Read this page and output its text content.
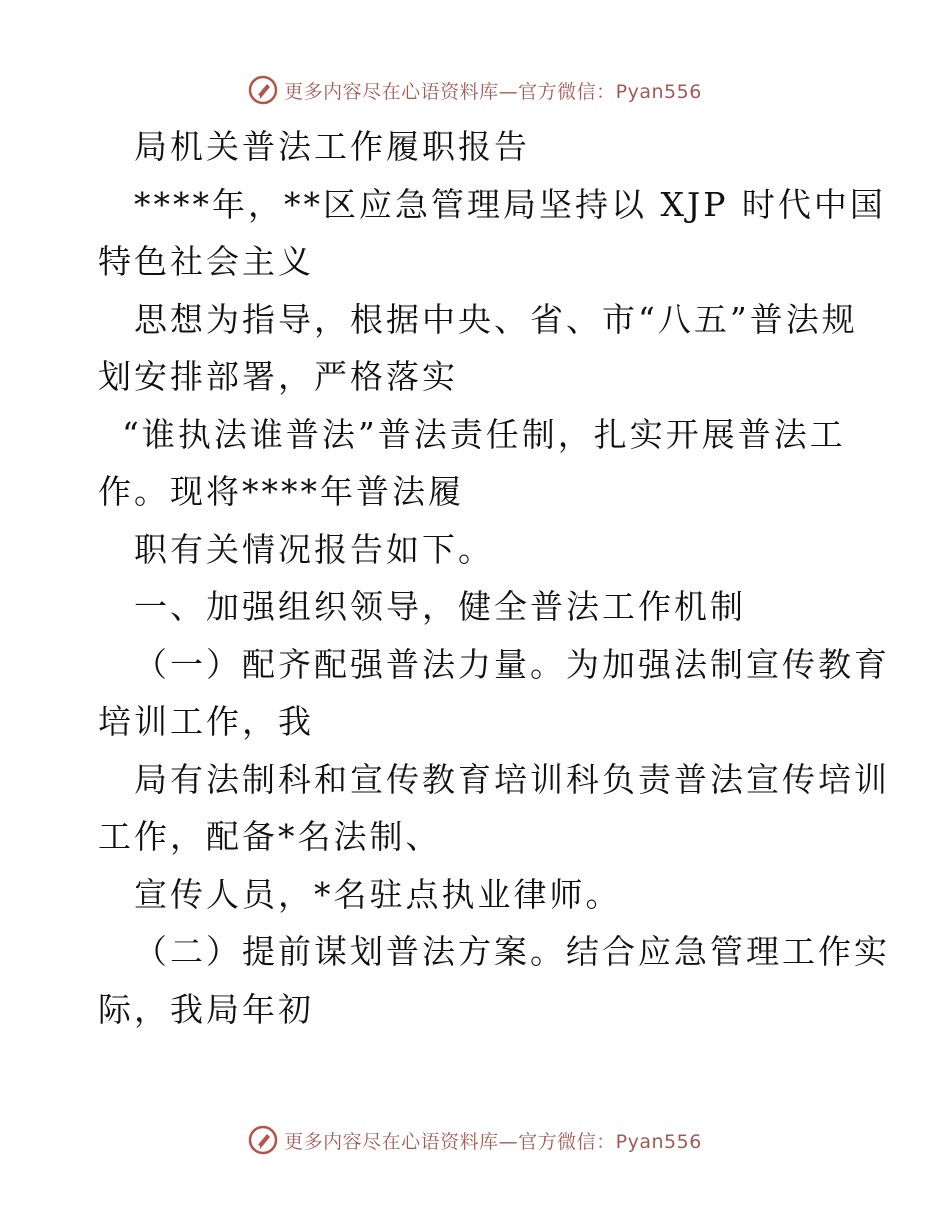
更多内容尽在心语资料库—官方微信：Pyan556
局机关普法工作履职报告
****年，**区应急管理局坚持以 XJP 时代中国
特色社会主义
思想为指导，根据中央、省、市“八五”普法规
划安排部署，严格落实
“谁执法谁普法”普法责任制，扎实开展普法工
作。现将****年普法履
职有关情况报告如下。
一、加强组织领导，健全普法工作机制
（一）配齐配强普法力量。为加强法制宣传教育
培训工作，我
局有法制科和宣传教育培训科负责普法宣传培训
工作，配备*名法制、
宣传人员，*名驻点执业律师。
（二）提前谋划普法方案。结合应急管理工作实
际，我局年初
更多内容尽在心语资料库—官方微信：Pyan556
